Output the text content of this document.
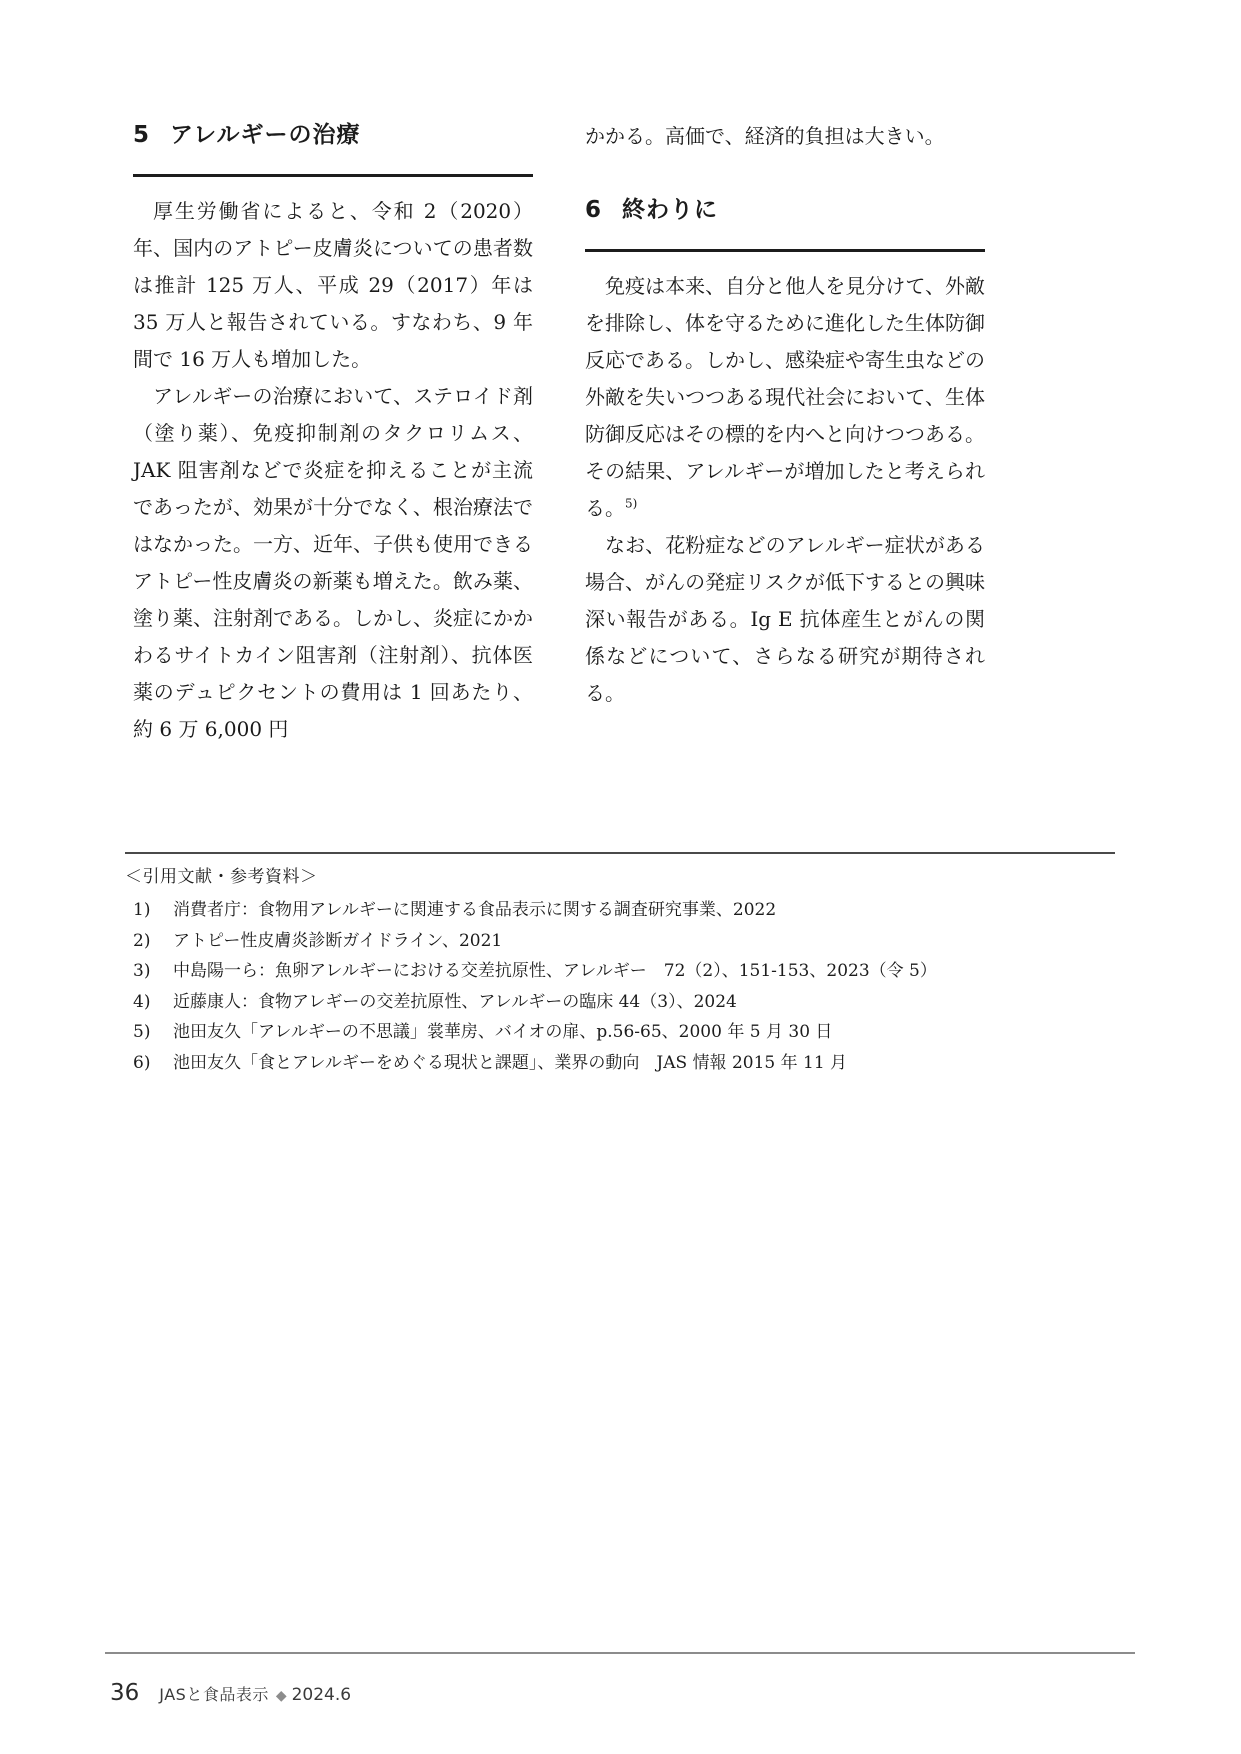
5 アレルギーの治療

厚生労働省によると、令和 2（2020）年、国内のアトピー皮膚炎についての患者数は推計 125 万人、平成 29（2017）年は 35 万人と報告されている。すなわち、9 年間で 16 万人も増加した。

アレルギーの治療において、ステロイド剤（塗り薬）、免疫抑制剤のタクロリムス、JAK 阻害剤などで炎症を抑えることが主流であったが、効果が十分でなく、根治療法ではなかった。一方、近年、子供も使用できるアトピー性皮膚炎の新薬も増えた。飲み薬、塗り薬、注射剤である。しかし、炎症にかかわるサイトカイン阻害剤（注射剤）、抗体医薬のデュピクセントの費用は 1 回あたり、約 6 万 6,000 円

かかる。高価で、経済的負担は大きい。

6 終わりに

免疫は本来、自分と他人を見分けて、外敵を排除し、体を守るために進化した生体防御反応である。しかし、感染症や寄生虫などの外敵を失いつつある現代社会において、生体防御反応はその標的を内へと向けつつある。その結果、アレルギーが増加したと考えられる。$^{5)}$

なお、花粉症などのアレルギー症状がある場合、がんの発症リスクが低下するとの興味深い報告がある。Ig E 抗体産生とがんの関係などについて、さらなる研究が期待される。

＜引用文献・参考資料＞
1)	消費者庁：食物用アレルギーに関連する食品表示に関する調査研究事業、2022
2)	アトピー性皮膚炎診断ガイドライン、2021
3)	中島陽一ら：魚卵アレルギーにおける交差抗原性、アレルギー　72（2）、151-153、2023（令 5）
4)	近藤康人：食物アレギーの交差抗原性、アレルギーの臨床 44（3）、2024
5)	池田友久「アレルギーの不思議」裳華房、バイオの扉、p.56-65、2000 年 5 月 30 日
6)	池田友久「食とアレルギーをめぐる現状と課題」、業界の動向　JAS 情報 2015 年 11 月
36 JASと食品表示 ◆ 2024.6
